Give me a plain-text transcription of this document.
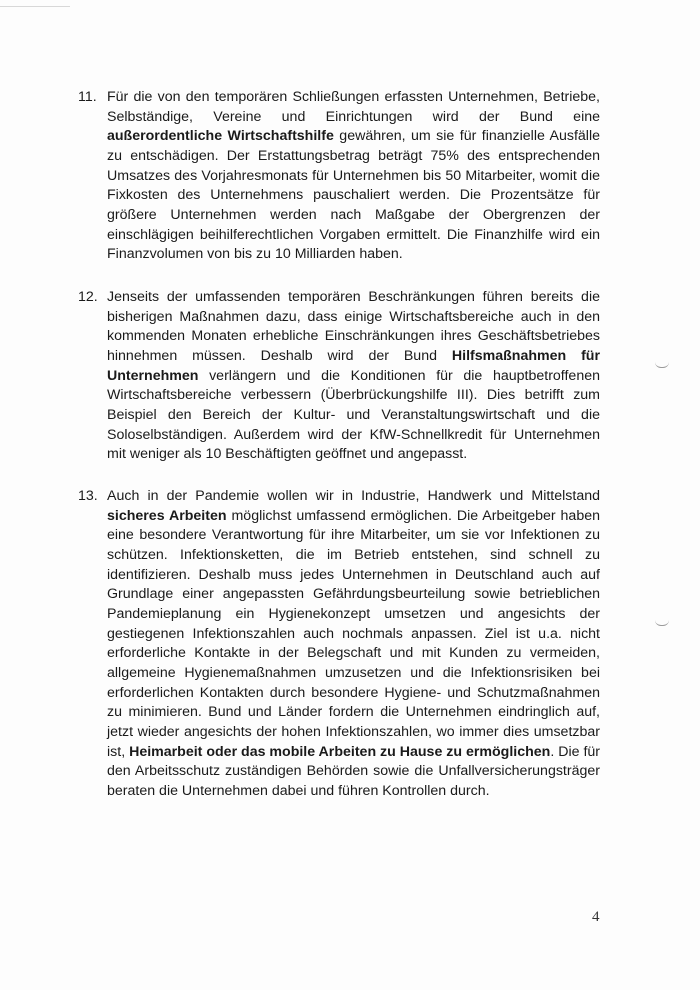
11. Für die von den temporären Schließungen erfassten Unternehmen, Betriebe, Selbständige, Vereine und Einrichtungen wird der Bund eine außerordentliche Wirtschaftshilfe gewähren, um sie für finanzielle Ausfälle zu entschädigen. Der Erstattungsbetrag beträgt 75% des entsprechenden Umsatzes des Vorjahresmonats für Unternehmen bis 50 Mitarbeiter, womit die Fixkosten des Unternehmens pauschaliert werden. Die Prozentsätze für größere Unternehmen werden nach Maßgabe der Obergrenzen der einschlägigen beihilferechtlichen Vorgaben ermittelt. Die Finanzhilfe wird ein Finanzvolumen von bis zu 10 Milliarden haben.
12. Jenseits der umfassenden temporären Beschränkungen führen bereits die bisherigen Maßnahmen dazu, dass einige Wirtschaftsbereiche auch in den kommenden Monaten erhebliche Einschränkungen ihres Geschäftsbetriebes hinnehmen müssen. Deshalb wird der Bund Hilfsmaßnahmen für Unternehmen verlängern und die Konditionen für die hauptbetroffenen Wirtschaftsbereiche verbessern (Überbrückungshilfe III). Dies betrifft zum Beispiel den Bereich der Kultur- und Veranstaltungswirtschaft und die Soloselbständigen. Außerdem wird der KfW-Schnellkredit für Unternehmen mit weniger als 10 Beschäftigten geöffnet und angepasst.
13. Auch in der Pandemie wollen wir in Industrie, Handwerk und Mittelstand sicheres Arbeiten möglichst umfassend ermöglichen. Die Arbeitgeber haben eine besondere Verantwortung für ihre Mitarbeiter, um sie vor Infektionen zu schützen. Infektionsketten, die im Betrieb entstehen, sind schnell zu identifizieren. Deshalb muss jedes Unternehmen in Deutschland auch auf Grundlage einer angepassten Gefährdungsbeurteilung sowie betrieblichen Pandemieplanung ein Hygienekonzept umsetzen und angesichts der gestiegenen Infektionszahlen auch nochmals anpassen. Ziel ist u.a. nicht erforderliche Kontakte in der Belegschaft und mit Kunden zu vermeiden, allgemeine Hygienemaßnahmen umzusetzen und die Infektionsrisiken bei erforderlichen Kontakten durch besondere Hygiene- und Schutzmaßnahmen zu minimieren. Bund und Länder fordern die Unternehmen eindringlich auf, jetzt wieder angesichts der hohen Infektionszahlen, wo immer dies umsetzbar ist, Heimarbeit oder das mobile Arbeiten zu Hause zu ermöglichen. Die für den Arbeitsschutz zuständigen Behörden sowie die Unfallversicherungsträger beraten die Unternehmen dabei und führen Kontrollen durch.
4
